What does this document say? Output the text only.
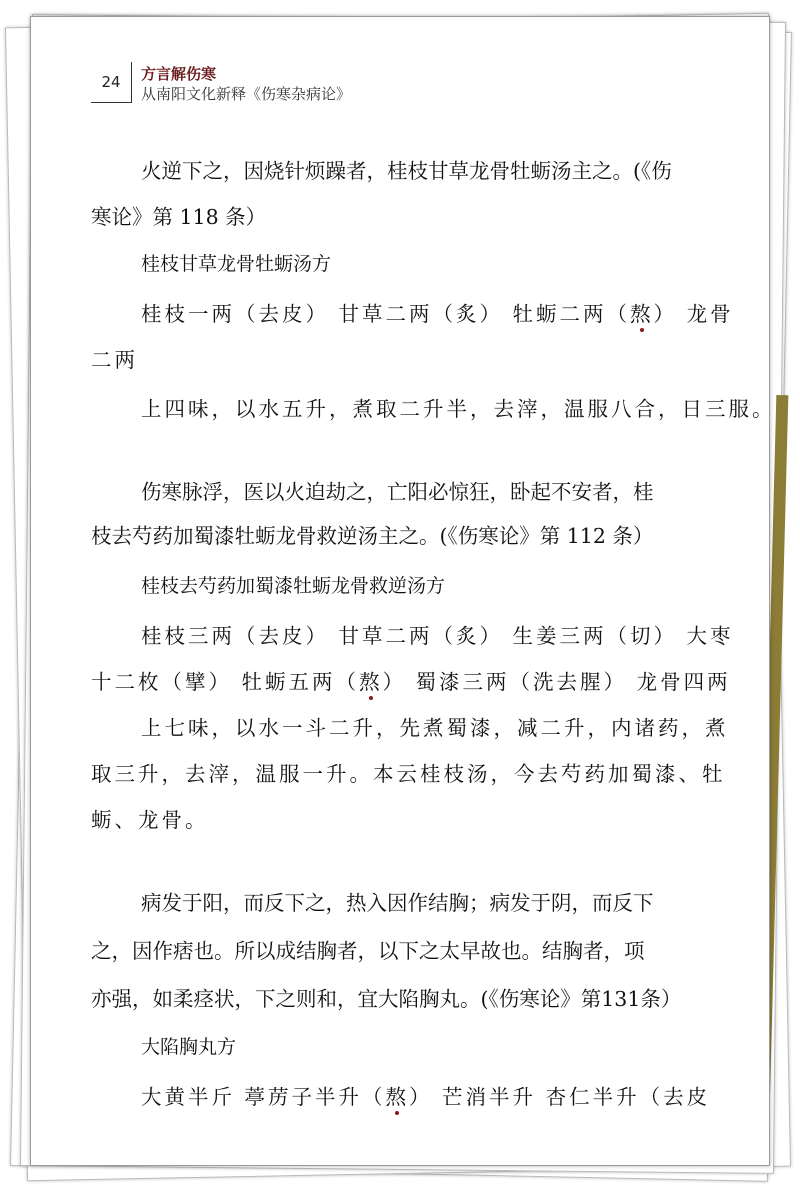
24	方言解伤寒
从南阳文化新释《伤寒杂病论》
火逆下之，因烧针烦躁者，桂枝甘草龙骨牡蛎汤主之。(《伤
寒论》第 118 条）
桂枝甘草龙骨牡蛎汤方
桂枝一两（去皮） 甘草二两（炙） 牡蛎二两（熬） 龙骨
二两
上四味，以水五升，煮取二升半，去滓，温服八合，日三服。
伤寒脉浮，医以火迫劫之，亡阳必惊狂，卧起不安者，桂
枝去芍药加蜀漆牡蛎龙骨救逆汤主之。(《伤寒论》第 112 条）
桂枝去芍药加蜀漆牡蛎龙骨救逆汤方
桂枝三两（去皮） 甘草二两（炙） 生姜三两（切） 大枣
十二枚（擘） 牡蛎五两（熬） 蜀漆三两（洗去腥） 龙骨四两
上七味，以水一斗二升，先煮蜀漆，减二升，内诸药，煮
取三升，去滓，温服一升。本云桂枝汤，今去芍药加蜀漆、牡
蛎、龙骨。
病发于阳，而反下之，热入因作结胸；病发于阴，而反下
之，因作痞也。所以成结胸者，以下之太早故也。结胸者，项
亦强，如柔痉状，下之则和，宜大陷胸丸。(《伤寒论》第131条）
大陷胸丸方
大黄半斤 葶苈子半升（熬） 芒消半升 杏仁半升（去皮
